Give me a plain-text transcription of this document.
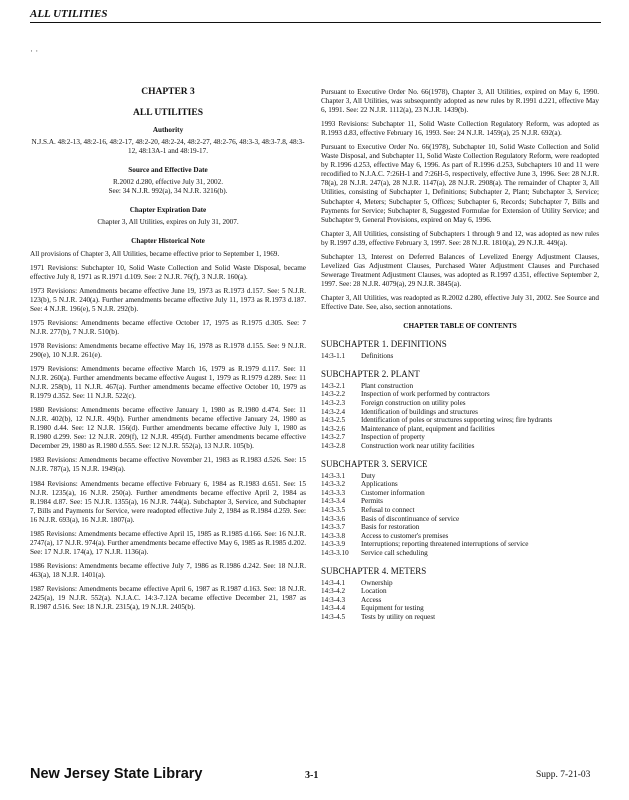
ALL UTILITIES
· ·
CHAPTER 3
ALL UTILITIES
Authority
N.J.S.A. 48:2-13, 48:2-16, 48:2-17, 48:2-20, 48:2-24, 48:2-27, 48:2-76, 48:3-3, 48:3-7.8, 48:3-12, 48:13A-1 and 48:19-17.
Source and Effective Date
R.2002 d.280, effective July 31, 2002.
See: 34 N.J.R. 992(a), 34 N.J.R. 3216(b).
Chapter Expiration Date
Chapter 3, All Utilities, expires on July 31, 2007.
Chapter Historical Note

All provisions of Chapter 3, All Utilities, became effective prior to September 1, 1969.

1971 Revisions: Subchapter 10, Solid Waste Collection and Solid Waste Disposal, became effective July 8, 1971 as R.1971 d.109. See: 2 N.J.R. 76(f), 3 N.J.R. 160(a).

1973 Revisions: Amendments became effective June 19, 1973 as R.1973 d.157. See: 5 N.J.R. 123(b), 5 N.J.R. 240(a). Further amendments became effective July 11, 1973 as R.1973 d.187. See: 4 N.J.R. 196(e), 5 N.J.R. 292(b).

1975 Revisions: Amendments became effective October 17, 1975 as R.1975 d.305. See: 7 N.J.R. 277(b), 7 N.J.R. 510(b).

1978 Revisions: Amendments became effective May 16, 1978 as R.1978 d.155. See: 9 N.J.R. 290(e), 10 N.J.R. 261(e).

1979 Revisions: Amendments became effective March 16, 1979 as R.1979 d.117. See: 11 N.J.R. 260(a). Further amendments became effective August 1, 1979 as R.1979 d.289. See: 11 N.J.R. 258(b), 11 N.J.R. 467(a). Further amendments became effective October 10, 1979 as R.1979 d.352. See: 11 N.J.R. 522(c).

1980 Revisions: Amendments became effective January 1, 1980 as R.1980 d.474. See: 11 N.J.R. 402(b), 12 N.J.R. 49(b). Further amendments became effective January 24, 1980 as R.1980 d.44. See: 12 N.J.R. 156(d). Further amendments became effective July 1, 1980 as R.1980 d.299. See: 12 N.J.R. 209(f), 12 N.J.R. 495(d). Further amendments became effective December 29, 1980 as R.1980 d.555. See: 12 N.J.R. 552(a), 13 N.J.R. 105(b).

1983 Revisions: Amendments became effective November 21, 1983 as R.1983 d.526. See: 15 N.J.R. 787(a), 15 N.J.R. 1949(a).

1984 Revisions: Amendments became effective February 6, 1984 as R.1983 d.651. See: 15 N.J.R. 1235(a), 16 N.J.R. 250(a). Further amendments became effective April 2, 1984 as R.1984 d.87. See: 15 N.J.R. 1355(a), 16 N.J.R. 744(a). Subchapter 3, Service, and Subchapter 7, Bills and Payments for Service, were readopted effective July 2, 1984 as R.1984 d.259. See: 16 N.J.R. 693(a), 16 N.J.R. 1807(a).

1985 Revisions: Amendments became effective April 15, 1985 as R.1985 d.166. See: 16 N.J.R. 2747(a), 17 N.J.R. 974(a). Further amendments became effective May 6, 1985 as R.1985 d.202. See: 17 N.J.R. 174(a), 17 N.J.R. 1136(a).

1986 Revisions: Amendments became effective July 7, 1986 as R.1986 d.242. See: 18 N.J.R. 463(a), 18 N.J.R. 1401(a).

1987 Revisions: Amendments became effective April 6, 1987 as R.1987 d.163. See: 18 N.J.R. 2425(a), 19 N.J.R. 552(a). N.J.A.C. 14:3-7.12A became effective December 21, 1987 as R.1987 d.516. See: 18 N.J.R. 2315(a), 19 N.J.R. 2405(b).

Pursuant to Executive Order No. 66(1978), Chapter 3, All Utilities, expired on May 6, 1990. Chapter 3, All Utilities, was subsequently adopted as new rules by R.1991 d.221, effective May 6, 1991. See: 22 N.J.R. 1112(a), 23 N.J.R. 1439(b).

1993 Revisions: Subchapter 11, Solid Waste Collection Regulatory Reform, was adopted as R.1993 d.83, effective February 16, 1993. See: 24 N.J.R. 1459(a), 25 N.J.R. 692(a).

Pursuant to Executive Order No. 66(1978), Subchapter 10, Solid Waste Collection and Solid Waste Disposal, and Subchapter 11, Solid Waste Collection Regulatory Reform, were readopted by R.1996 d.253, effective May 6, 1996. As part of R.1996 d.253, Subchapters 10 and 11 were recodified to N.J.A.C. 7:26H-1 and 7:26H-5, respectively, effective June 3, 1996. See: 28 N.J.R. 78(a), 28 N.J.R. 247(a), 28 N.J.R. 1147(a), 28 N.J.R. 2908(a). The remainder of Chapter 3, All Utilities, consisting of Subchapter 1, Definitions; Subchapter 2, Plant; Subchapter 3, Service; Subchapter 4, Meters; Subchapter 5, Offices; Subchapter 6, Records; Subchapter 7, Bills and Payments for Service; Subchapter 8, Suggested Formulae for Extension of Utility Service; and Subchapter 9, General Provisions, expired on May 6, 1996.

Chapter 3, All Utilities, consisting of Subchapters 1 through 9 and 12, was adopted as new rules by R.1997 d.39, effective February 3, 1997. See: 28 N.J.R. 1810(a), 29 N.J.R. 449(a).

Subchapter 13, Interest on Deferred Balances of Levelized Energy Adjustment Clauses, Levelized Gas Adjustment Clauses, Purchased Water Adjustment Clauses and Purchased Sewerage Treatment Adjustment Clauses, was adopted as R.1997 d.351, effective September 2, 1997. See: 28 N.J.R. 4079(a), 29 N.J.R. 3845(a).

Chapter 3, All Utilities, was readopted as R.2002 d.280, effective July 31, 2002. See Source and Effective Date. See, also, section annotations.

CHAPTER TABLE OF CONTENTS
SUBCHAPTER 1. DEFINITIONS
14:3-1.1	Definitions
SUBCHAPTER 2. PLANT
14:3-2.1	Plant construction
14:3-2.2	Inspection of work performed by contractors
14:3-2.3	Foreign construction on utility poles
14:3-2.4	Identification of buildings and structures
14:3-2.5	Identification of poles or structures supporting wires; fire hydrants
14:3-2.6	Maintenance of plant, equipment and facilities
14:3-2.7	Inspection of property
14:3-2.8	Construction work near utility facilities
SUBCHAPTER 3. SERVICE
14:3-3.1	Duty
14:3-3.2	Applications
14:3-3.3	Customer information
14:3-3.4	Permits
14:3-3.5	Refusal to connect
14:3-3.6	Basis of discontinuance of service
14:3-3.7	Basis for restoration
14:3-3.8	Access to customer's premises
14:3-3.9	Interruptions; reporting threatened interruptions of service
14:3-3.10	Service call scheduling
SUBCHAPTER 4. METERS
14:3-4.1	Ownership
14:3-4.2	Location
14:3-4.3	Access
14:3-4.4	Equipment for testing
14:3-4.5	Tests by utility on request
New Jersey State Library	3-1	Supp. 7-21-03
